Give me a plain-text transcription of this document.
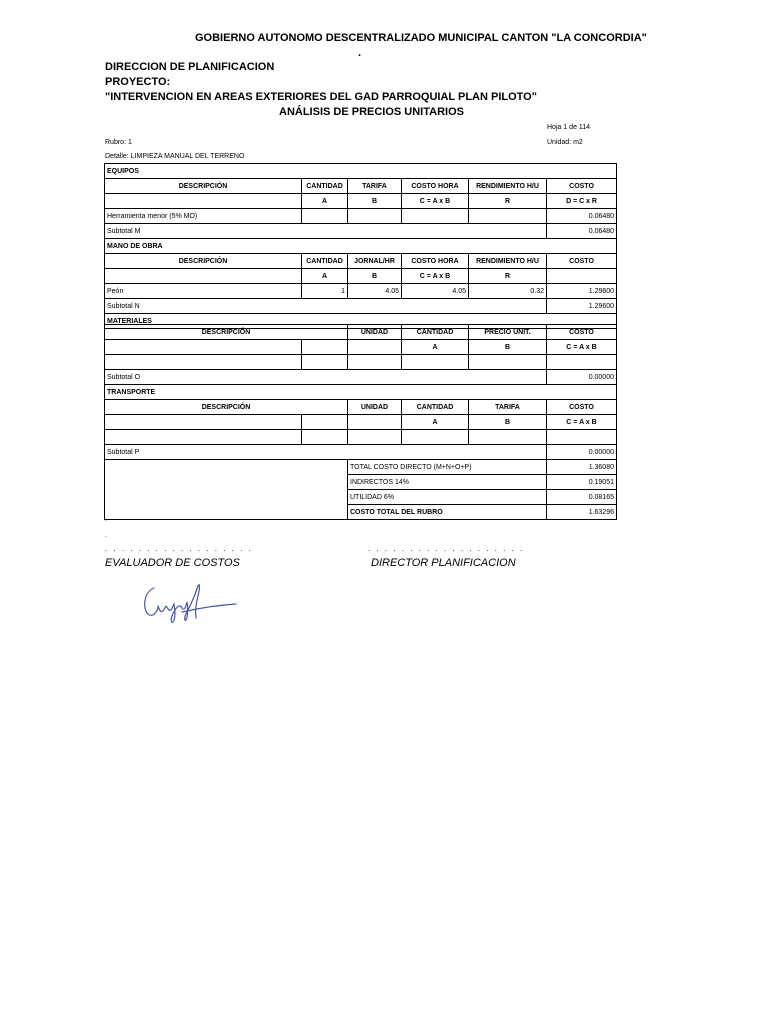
GOBIERNO AUTONOMO DESCENTRALIZADO MUNICIPAL CANTON "LA CONCORDIA"
.
DIRECCION DE PLANIFICACION
PROYECTO:
"INTERVENCION EN AREAS EXTERIORES DEL GAD PARROQUIAL PLAN PILOTO"
ANÁLISIS DE PRECIOS UNITARIOS
Hoja 1 de 114
Rubro: 1	Unidad: m2
Detalle: LIMPIEZA MANUAL DEL TERRENO
EQUIPOS					
DESCRIPCIÓN	CANTIDAD	TARIFA	COSTO HORA	RENDIMIENTO H/U	COSTO
	A	B	C = A x B	R	D = C x R
Herramienta menor (5% MO)					0.06480
Subtotal M					0.06480
MANO DE OBRA					
DESCRIPCIÓN	CANTIDAD	JORNAL/HR	COSTO HORA	RENDIMIENTO H/U	COSTO
	A	B	C = A x B	R	
Peón	1	4.05	4.05	0.32	1.29600
Subtotal N					1.29600
MATERIALES					
DESCRIPCIÓN		UNIDAD	CANTIDAD	PRECIO UNIT.	COSTO
			A	B	C = A x B

Subtotal O					0.00000
TRANSPORTE					
DESCRIPCIÓN		UNIDAD	CANTIDAD	TARIFA	COSTO
			A	B	C = A x B

Subtotal P					0.00000
		TOTAL COSTO DIRECTO (M+N+O+P)			1.36080
		INDIRECTOS 14%			0.19051
		UTILIDAD 6%			0.08165
		COSTO TOTAL DEL RUBRO			1.63296
.
.
. . . . . . . . . . . . . . . . . .	. . . . . . . . . . . . . . . . . . .
EVALUADOR DE COSTOS	DIRECTOR PLANIFICACION
